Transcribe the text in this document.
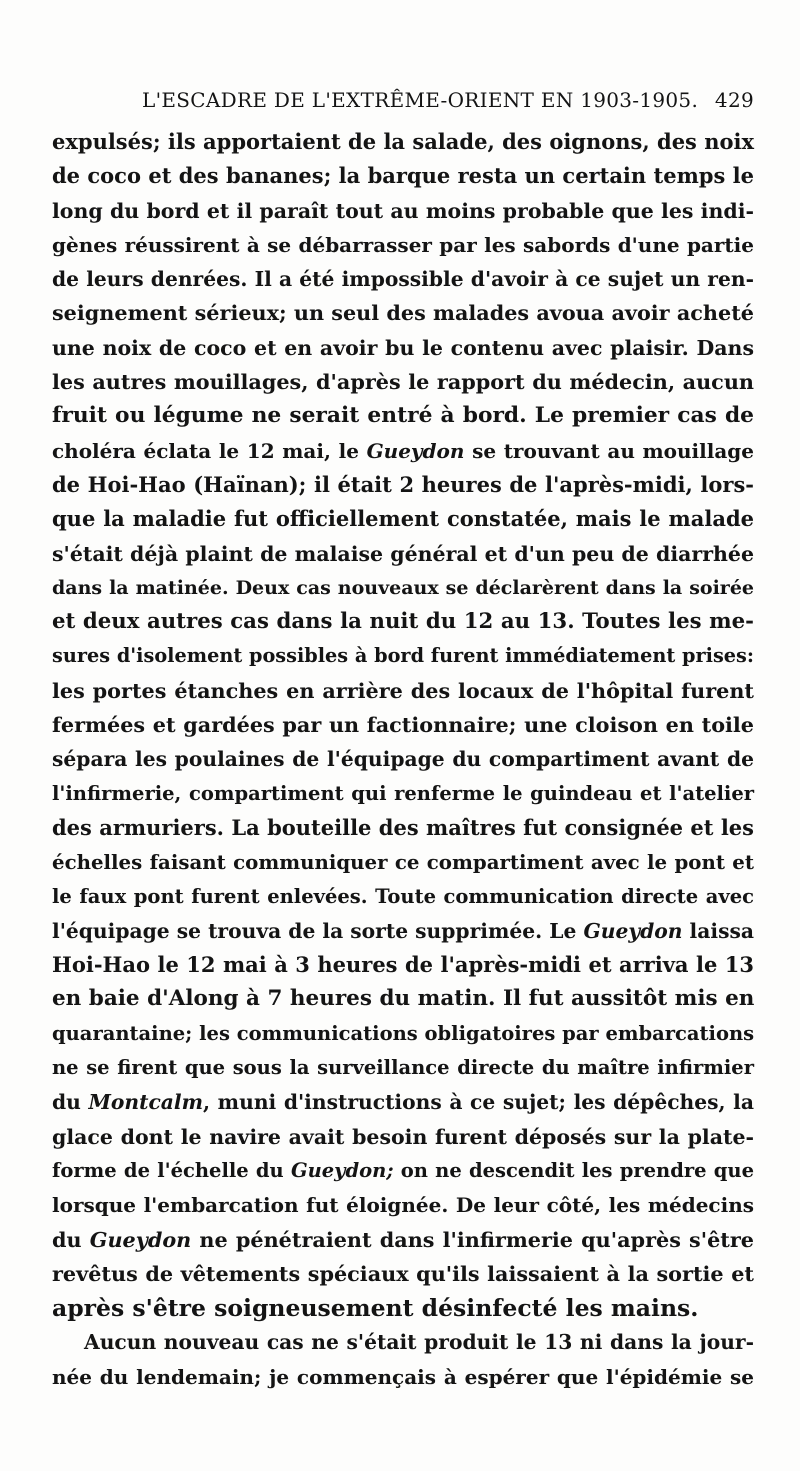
L'ESCADRE DE L'EXTRÊME-ORIENT EN 1903-1905. 429
expulsés; ils apportaient de la salade, des oignons, des noix
de coco et des bananes; la barque resta un certain temps le
long du bord et il paraît tout au moins probable que les indi-
gènes réussirent à se débarrasser par les sabords d'une partie
de leurs denrées. Il a été impossible d'avoir à ce sujet un ren-
seignement sérieux; un seul des malades avoua avoir acheté
une noix de coco et en avoir bu le contenu avec plaisir. Dans
les autres mouillages, d'après le rapport du médecin, aucun
fruit ou légume ne serait entré à bord. Le premier cas de
choléra éclata le 12 mai, le Gueydon se trouvant au mouillage
de Hoi-Hao (Haïnan); il était 2 heures de l'après-midi, lors-
que la maladie fut officiellement constatée, mais le malade
s'était déjà plaint de malaise général et d'un peu de diarrhée
dans la matinée. Deux cas nouveaux se déclarèrent dans la soirée
et deux autres cas dans la nuit du 12 au 13. Toutes les me-
sures d'isolement possibles à bord furent immédiatement prises:
les portes étanches en arrière des locaux de l'hôpital furent
fermées et gardées par un factionnaire; une cloison en toile
sépara les poulaines de l'équipage du compartiment avant de
l'infirmerie, compartiment qui renferme le guindeau et l'atelier
des armuriers. La bouteille des maîtres fut consignée et les
échelles faisant communiquer ce compartiment avec le pont et
le faux pont furent enlevées. Toute communication directe avec
l'équipage se trouva de la sorte supprimée. Le Gueydon laissa
Hoi-Hao le 12 mai à 3 heures de l'après-midi et arriva le 13
en baie d'Along à 7 heures du matin. Il fut aussitôt mis en
quarantaine; les communications obligatoires par embarcations
ne se firent que sous la surveillance directe du maître infirmier
du Montcalm, muni d'instructions à ce sujet; les dépêches, la
glace dont le navire avait besoin furent déposés sur la plate-
forme de l'échelle du Gueydon; on ne descendit les prendre que
lorsque l'embarcation fut éloignée. De leur côté, les médecins
du Gueydon ne pénétraient dans l'infirmerie qu'après s'être
revêtus de vêtements spéciaux qu'ils laissaient à la sortie et
après s'être soigneusement désinfecté les mains.
Aucun nouveau cas ne s'était produit le 13 ni dans la jour-
née du lendemain; je commençais à espérer que l'épidémie se
